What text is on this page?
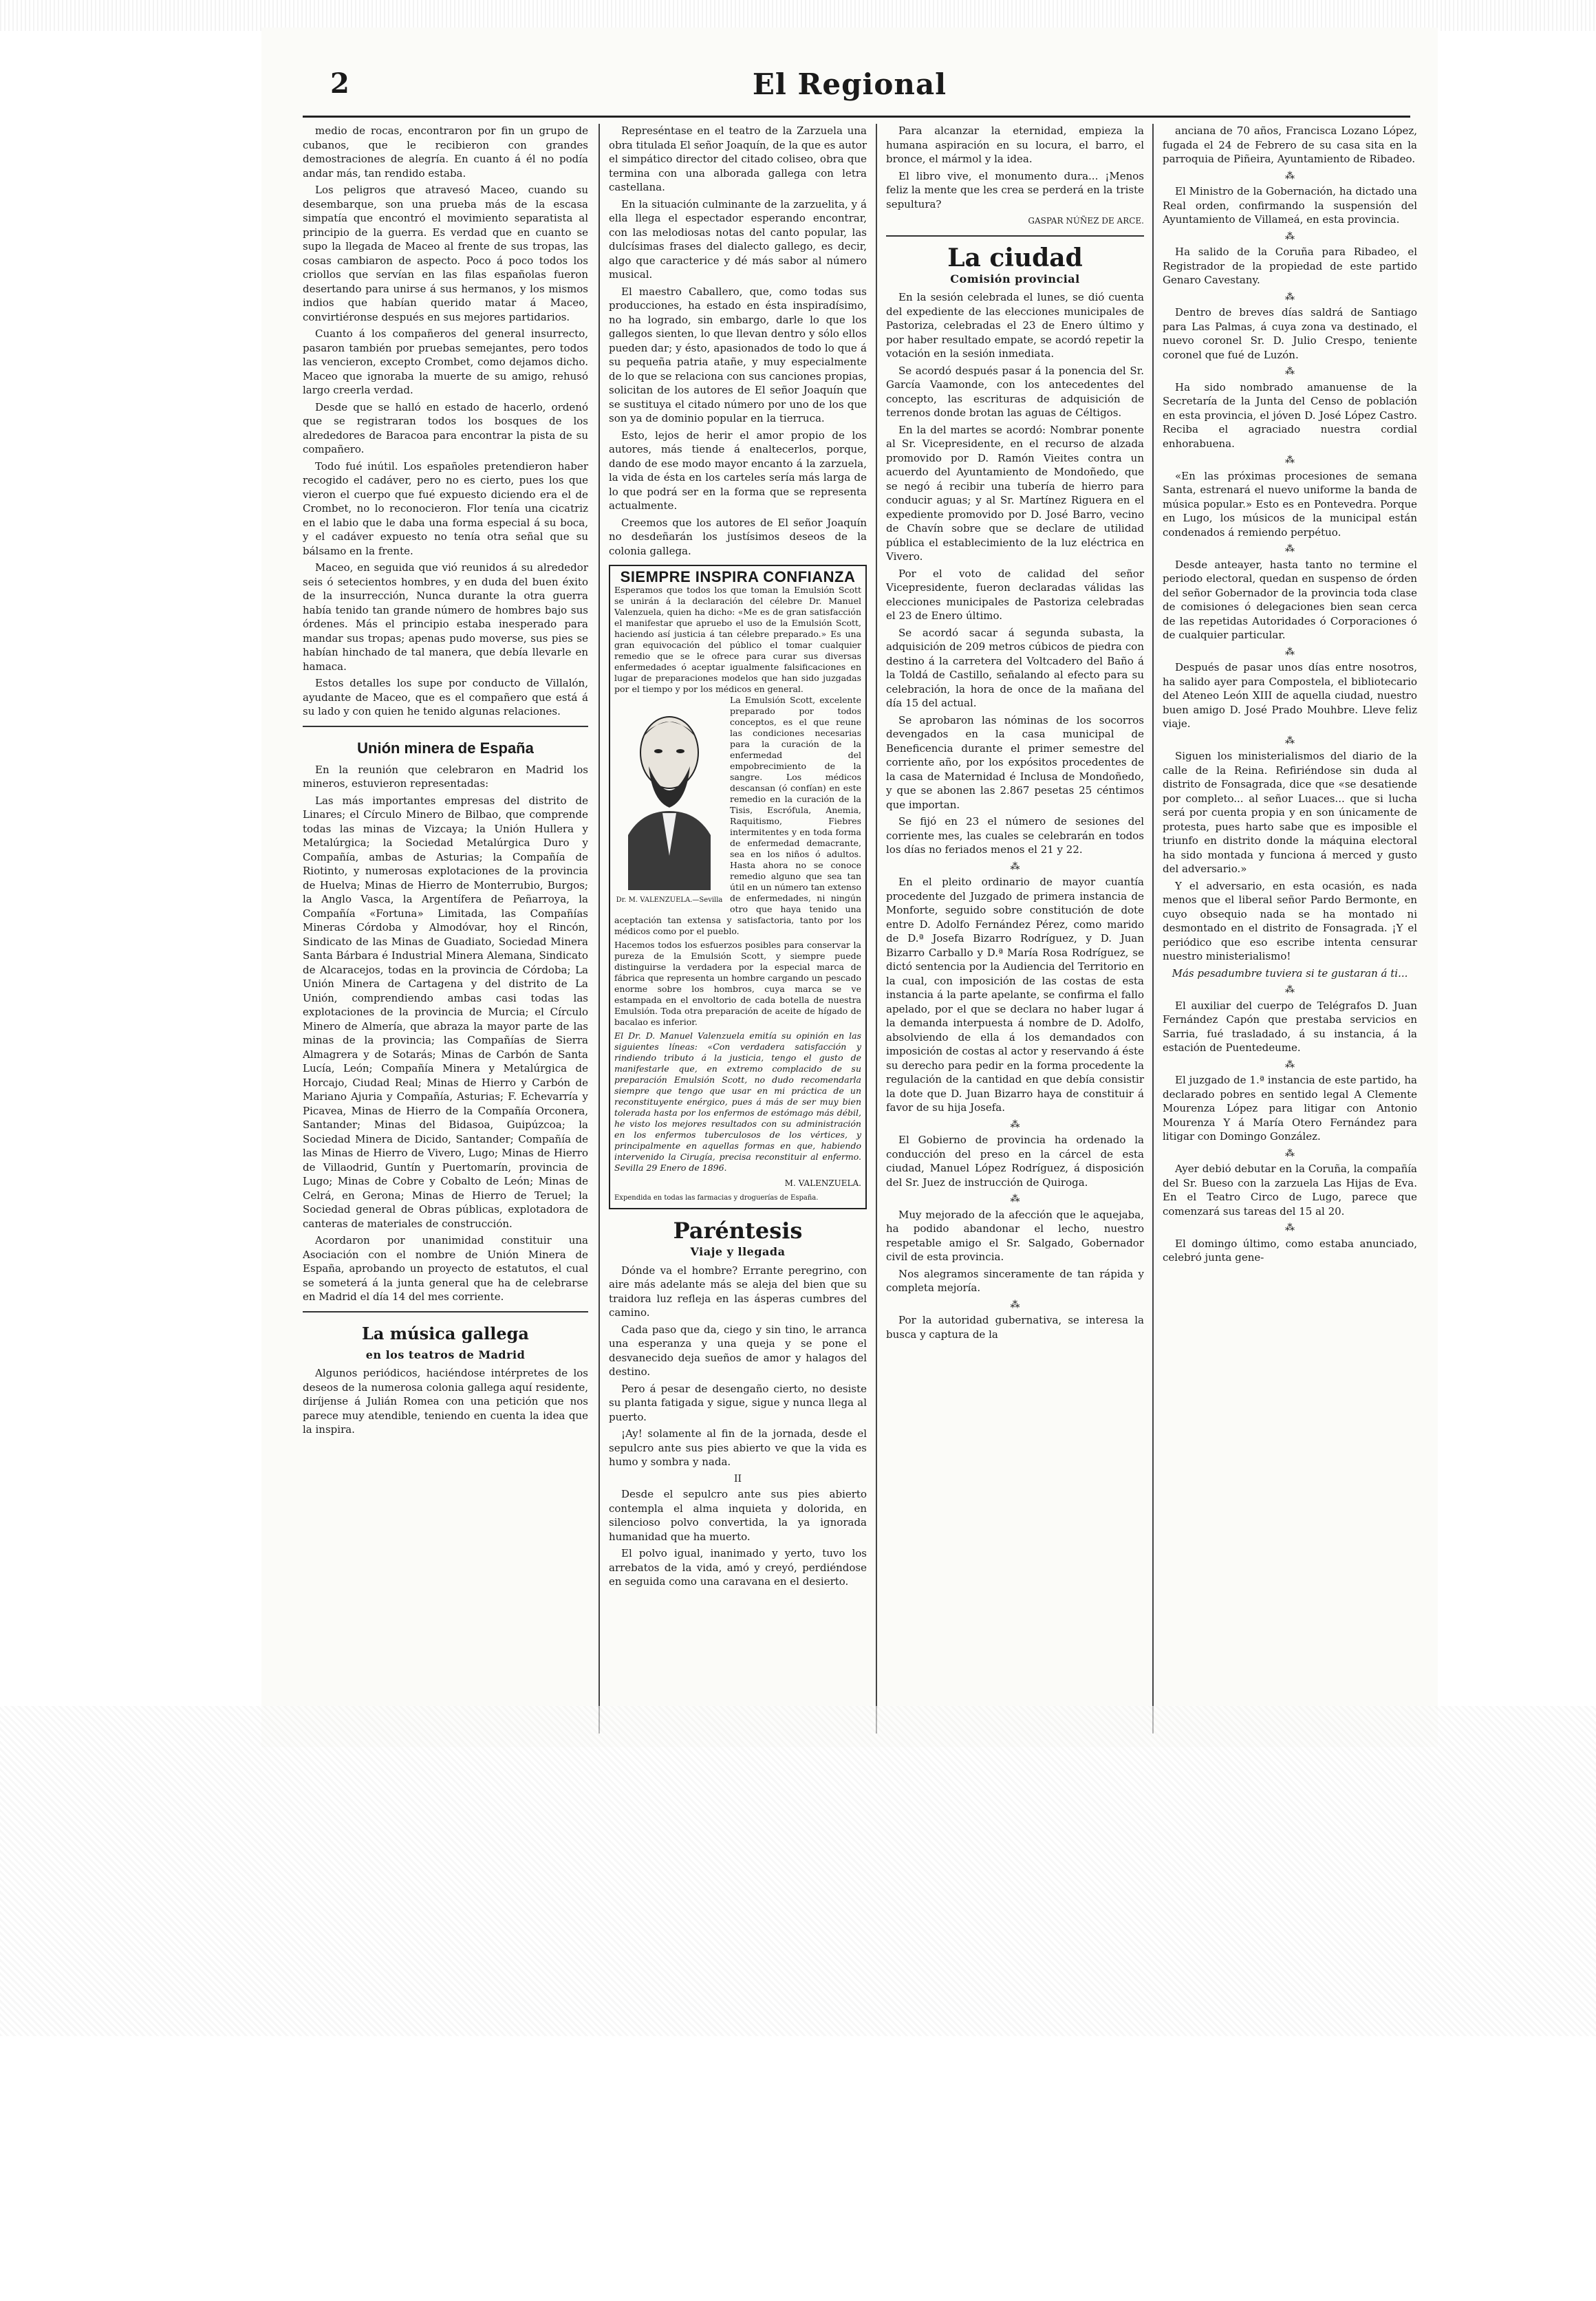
2	El Regional

medio de rocas, encontraron por fin un grupo de cubanos, que le recibieron con grandes demostraciones de alegría. En cuanto á él no podía andar más, tan rendido estaba.

Los peligros que atravesó Maceo, cuando su desembarque, son una prueba más de la escasa simpatía que encontró el movimiento separatista al principio de la guerra. Es verdad que en cuanto se supo la llegada de Maceo al frente de sus tropas, las cosas cambiaron de aspecto. Poco á poco todos los criollos que servían en las filas españolas fueron desertando para unirse á sus hermanos, y los mismos indios que habían querido matar á Maceo, convirtiéronse después en sus mejores partidarios.

Cuanto á los compañeros del general insurrecto, pasaron también por pruebas semejantes, pero todos las vencieron, excepto Crombet, como dejamos dicho. Maceo que ignoraba la muerte de su amigo, rehusó largo creerla verdad.

Desde que se halló en estado de hacerlo, ordenó que se registraran todos los bosques de los alrededores de Baracoa para encontrar la pista de su compañero.

Todo fué inútil. Los españoles pretendieron haber recogido el cadáver, pero no es cierto, pues los que vieron el cuerpo que fué expuesto diciendo era el de Crombet, no lo reconocieron. Flor tenía una cicatriz en el labio que le daba una forma especial á su boca, y el cadáver expuesto no tenía otra señal que su bálsamo en la frente.

Maceo, en seguida que vió reunidos á su alrededor seis ó setecientos hombres, y en duda del buen éxito de la insurrección, Nunca durante la otra guerra había tenido tan grande número de hombres bajo sus órdenes. Más el principio estaba inesperado para mandar sus tropas; apenas pudo moverse, sus pies se habían hinchado de tal manera, que debía llevarle en hamaca.

Estos detalles los supe por conducto de Villalón, ayudante de Maceo, que es el compañero que está á su lado y con quien he tenido algunas relaciones.

Unión minera de España

En la reunión que celebraron en Madrid los mineros, estuvieron representadas:

Las más importantes empresas del distrito de Linares; el Círculo Minero de Bilbao, que comprende todas las minas de Vizcaya; la Unión Hullera y Metalúrgica; la Sociedad Metalúrgica Duro y Compañía, ambas de Asturias; la Compañía de Riotinto, y numerosas explotaciones de la provincia de Huelva; Minas de Hierro de Monterrubio, Burgos; la Anglo Vasca, la Argentífera de Peñarroya, la Compañía «Fortuna» Limitada, las Compañías Mineras Córdoba y Almodóvar, hoy el Rincón, Sindicato de las Minas de Guadiato, Sociedad Minera Santa Bárbara é Industrial Minera Alemana, Sindicato de Alcaracejos, todas en la provincia de Córdoba; La Unión Minera de Cartagena y del distrito de La Unión, comprendiendo ambas casi todas las explotaciones de la provincia de Murcia; el Círculo Minero de Almería, que abraza la mayor parte de las minas de la provincia; las Compañías de Sierra Almagrera y de Sotarás; Minas de Carbón de Santa Lucía, León; Compañía Minera y Metalúrgica de Horcajo, Ciudad Real; Minas de Hierro y Carbón de Mariano Ajuria y Compañía, Asturias; F. Echevarría y Picavea, Minas de Hierro de la Compañía Orconera, Santander; Minas del Bidasoa, Guipúzcoa; la Sociedad Minera de Dicido, Santander; Compañía de las Minas de Hierro de Vivero, Lugo; Minas de Hierro de Villaodrid, Guntín y Puertomarín, provincia de Lugo; Minas de Cobre y Cobalto de León; Minas de Celrá, en Gerona; Minas de Hierro de Teruel; la Sociedad general de Obras públicas, explotadora de canteras de materiales de construcción.

Acordaron por unanimidad constituir una Asociación con el nombre de Unión Minera de España, aprobando un proyecto de estatutos, el cual se someterá á la junta general que ha de celebrarse en Madrid el día 14 del mes corriente.

La música gallega
en los teatros de Madrid

Algunos periódicos, haciéndose intérpretes de los deseos de la numerosa colonia gallega aquí residente, diríjense á Julián Romea con una petición que nos parece muy atendible, teniendo en cuenta la idea que la inspira.

Represéntase en el teatro de la Zarzuela una obra titulada El señor Joaquín, de la que es autor el simpático director del citado coliseo, obra que termina con una alborada gallega con letra castellana.

En la situación culminante de la zarzuelita, y á ella llega el espectador esperando encontrar, con las melodiosas notas del canto popular, las dulcísimas frases del dialecto gallego, es decir, algo que caracterice y dé más sabor al número musical.

El maestro Caballero, que, como todas sus producciones, ha estado en ésta inspiradísimo, no ha logrado, sin embargo, darle lo que los gallegos sienten, lo que llevan dentro y sólo ellos pueden dar; y ésto, apasionados de todo lo que á su pequeña patria atañe, y muy especialmente de lo que se relaciona con sus canciones propias, solicitan de los autores de El señor Joaquín que se sustituya el citado número por uno de los que son ya de dominio popular en la tierruca.

Esto, lejos de herir el amor propio de los autores, más tiende á enaltecerlos, porque, dando de ese modo mayor encanto á la zarzuela, la vida de ésta en los carteles sería más larga de lo que podrá ser en la forma que se representa actualmente.

Creemos que los autores de El señor Joaquín no desdeñarán los justísimos deseos de la colonia gallega.

SIEMPRE INSPIRA CONFIANZA
Esperamos que todos los que toman la Emulsión Scott se unirán á la declaración del célebre Dr. Manuel Valenzuela, quien ha dicho: «Me es de gran satisfacción el manifestar que apruebo el uso de la Emulsión Scott, haciendo así justicia á tan célebre preparado.» Es una gran equivocación del público el tomar cualquier remedio que se le ofrece para curar sus diversas enfermedades ó aceptar igualmente falsificaciones en lugar de preparaciones modelos que han sido juzgadas por el tiempo y por los médicos en general.
Dr. M. VALENZUELA.—Sevilla
La Emulsión Scott, excelente preparado por todos conceptos, es el que reune las condiciones necesarias para la curación de la enfermedad del empobrecimiento de la sangre. Los médicos descansan (ó confían) en este remedio en la curación de la Tisis, Escrófula, Anemia, Raquitismo, Fiebres intermitentes y en toda forma de enfermedad demacrante, sea en los niños ó adultos. Hasta ahora no se conoce remedio alguno que sea tan útil en un número tan extenso de enfermedades, ni ningún otro que haya tenido una aceptación tan extensa y satisfactoria, tanto por los médicos como por el pueblo.
Hacemos todos los esfuerzos posibles para conservar la pureza de la Emulsión Scott, y siempre puede distinguirse la verdadera por la especial marca de fábrica que representa un hombre cargando un pescado enorme sobre los hombros, cuya marca se ve estampada en el envoltorio de cada botella de nuestra Emulsión. Toda otra preparación de aceite de hígado de bacalao es inferior.
El Dr. D. Manuel Valenzuela emitía su opinión en las siguientes líneas: «Con verdadera satisfacción y rindiendo tributo á la justicia, tengo el gusto de manifestarle que, en extremo complacido de su preparación Emulsión Scott, no dudo recomendarla siempre que tengo que usar en mi práctica de un reconstituyente enérgico, pues á más de ser muy bien tolerada hasta por los enfermos de estómago más débil, he visto los mejores resultados con su administración en los enfermos tuberculosos de los vértices, y principalmente en aquellas formas en que, habiendo intervenido la Cirugía, precisa reconstituir al enfermo. Sevilla 29 Enero de 1896.
M. VALENZUELA.
Expendida en todas las farmacias y droguerías de España.
Paréntesis
Viaje y llegada

Dónde va el hombre? Errante peregrino, con aire más adelante más se aleja del bien que su traidora luz refleja en las ásperas cumbres del camino.

Cada paso que da, ciego y sin tino, le arranca una esperanza y una queja y se pone el desvanecido deja sueños de amor y halagos del destino.

Pero á pesar de desengaño cierto, no desiste su planta fatigada y sigue, sigue y nunca llega al puerto.

¡Ay! solamente al fin de la jornada, desde el sepulcro ante sus pies abierto ve que la vida es humo y sombra y nada.

II

Desde el sepulcro ante sus pies abierto contempla el alma inquieta y dolorida, en silencioso polvo convertida, la ya ignorada humanidad que ha muerto.

El polvo igual, inanimado y yerto, tuvo los arrebatos de la vida, amó y creyó, perdiéndose en seguida como una caravana en el desierto.

Para alcanzar la eternidad, empieza la humana aspiración en su locura, el barro, el bronce, el mármol y la idea.

El libro vive, el monumento dura... ¡Menos feliz la mente que les crea se perderá en la triste sepultura?

GASPAR NÚÑEZ DE ARCE.
La ciudad
Comisión provincial

En la sesión celebrada el lunes, se dió cuenta del expediente de las elecciones municipales de Pastoriza, celebradas el 23 de Enero último y por haber resultado empate, se acordó repetir la votación en la sesión inmediata.

Se acordó después pasar á la ponencia del Sr. García Vaamonde, con los antecedentes del concepto, las escrituras de adquisición de terrenos donde brotan las aguas de Céltigos.

En la del martes se acordó: Nombrar ponente al Sr. Vicepresidente, en el recurso de alzada promovido por D. Ramón Vieites contra un acuerdo del Ayuntamiento de Mondoñedo, que se negó á recibir una tubería de hierro para conducir aguas; y al Sr. Martínez Riguera en el expediente promovido por D. José Barro, vecino de Chavín sobre que se declare de utilidad pública el establecimiento de la luz eléctrica en Vivero.

Por el voto de calidad del señor Vicepresidente, fueron declaradas válidas las elecciones municipales de Pastoriza celebradas el 23 de Enero último.

Se acordó sacar á segunda subasta, la adquisición de 209 metros cúbicos de piedra con destino á la carretera del Voltcadero del Baño á la Toldá de Castillo, señalando al efecto para su celebración, la hora de once de la mañana del día 15 del actual.

Se aprobaron las nóminas de los socorros devengados en la casa municipal de Beneficencia durante el primer semestre del corriente año, por los expósitos procedentes de la casa de Maternidad é Inclusa de Mondoñedo, y que se abonen las 2.867 pesetas 25 céntimos que importan.

Se fijó en 23 el número de sesiones del corriente mes, las cuales se celebrarán en todos los días no feriados menos el 21 y 22.

⁂

En el pleito ordinario de mayor cuantía procedente del Juzgado de primera instancia de Monforte, seguido sobre constitución de dote entre D. Adolfo Fernández Pérez, como marido de D.ª Josefa Bizarro Rodríguez, y D. Juan Bizarro Carballo y D.ª María Rosa Rodríguez, se dictó sentencia por la Audiencia del Territorio en la cual, con imposición de las costas de esta instancia á la parte apelante, se confirma el fallo apelado, por el que se declara no haber lugar á la demanda interpuesta á nombre de D. Adolfo, absolviendo de ella á los demandados con imposición de costas al actor y reservando á éste su derecho para pedir en la forma procedente la regulación de la cantidad en que debía consistir la dote que D. Juan Bizarro haya de constituir á favor de su hija Josefa.

⁂

El Gobierno de provincia ha ordenado la conducción del preso en la cárcel de esta ciudad, Manuel López Rodríguez, á disposición del Sr. Juez de instrucción de Quiroga.

⁂

Muy mejorado de la afección que le aquejaba, ha podido abandonar el lecho, nuestro respetable amigo el Sr. Salgado, Gobernador civil de esta provincia.

Nos alegramos sinceramente de tan rápida y completa mejoría.

⁂

Por la autoridad gubernativa, se interesa la busca y captura de la

anciana de 70 años, Francisca Lozano López, fugada el 24 de Febrero de su casa sita en la parroquia de Piñeira, Ayuntamiento de Ribadeo.

⁂

El Ministro de la Gobernación, ha dictado una Real orden, confirmando la suspensión del Ayuntamiento de Villameá, en esta provincia.

⁂

Ha salido de la Coruña para Ribadeo, el Registrador de la propiedad de este partido Genaro Cavestany.

⁂

Dentro de breves días saldrá de Santiago para Las Palmas, á cuya zona va destinado, el nuevo coronel Sr. D. Julio Crespo, teniente coronel que fué de Luzón.

⁂

Ha sido nombrado amanuense de la Secretaría de la Junta del Censo de población en esta provincia, el jóven D. José López Castro. Reciba el agraciado nuestra cordial enhorabuena.

⁂

«En las próximas procesiones de semana Santa, estrenará el nuevo uniforme la banda de música popular.» Esto es en Pontevedra. Porque en Lugo, los músicos de la municipal están condenados á remiendo perpétuo.

⁂

Desde anteayer, hasta tanto no termine el periodo electoral, quedan en suspenso de órden del señor Gobernador de la provincia toda clase de comisiones ó delegaciones bien sean cerca de las repetidas Autoridades ó Corporaciones ó de cualquier particular.

⁂

Después de pasar unos días entre nosotros, ha salido ayer para Compostela, el bibliotecario del Ateneo León XIII de aquella ciudad, nuestro buen amigo D. José Prado Mouhbre. Lleve feliz viaje.

⁂

Siguen los ministerialismos del diario de la calle de la Reina. Refiriéndose sin duda al distrito de Fonsagrada, dice que «se desatiende por completo... al señor Luaces... que si lucha será por cuenta propia y en son únicamente de protesta, pues harto sabe que es imposible el triunfo en distrito donde la máquina electoral ha sido montada y funciona á merced y gusto del adversario.»

Y el adversario, en esta ocasión, es nada menos que el liberal señor Pardo Bermonte, en cuyo obsequio nada se ha montado ni desmontado en el distrito de Fonsagrada. ¡Y el periódico que eso escribe intenta censurar nuestro ministerialismo!

Más pesadumbre tuviera si te gustaran á ti...

⁂

El auxiliar del cuerpo de Telégrafos D. Juan Fernández Capón que prestaba servicios en Sarria, fué trasladado, á su instancia, á la estación de Puentedeume.

⁂

El juzgado de 1.ª instancia de este partido, ha declarado pobres en sentido legal A Clemente Mourenza López para litigar con Antonio Mourenza Y á María Otero Fernández para litigar con Domingo González.

⁂

Ayer debió debutar en la Coruña, la compañía del Sr. Bueso con la zarzuela Las Hijas de Eva. En el Teatro Circo de Lugo, parece que comenzará sus tareas del 15 al 20.

⁂

El domingo último, como estaba anunciado, celebró junta gene-
